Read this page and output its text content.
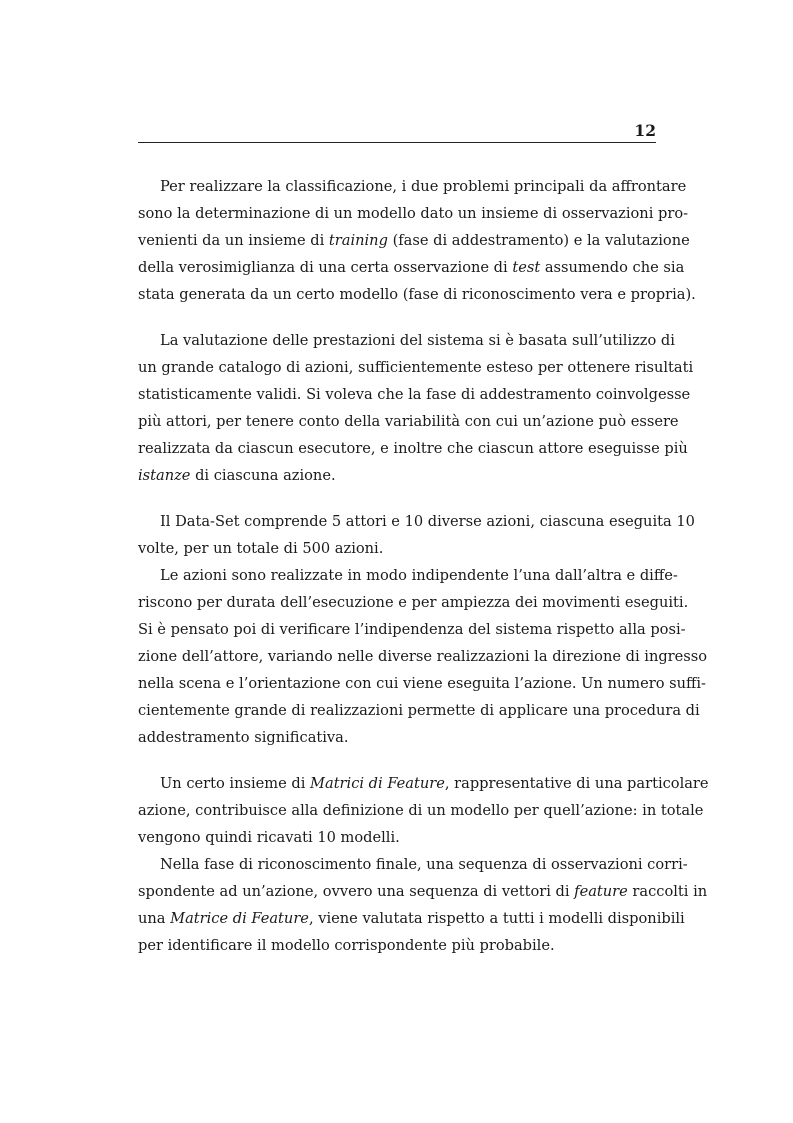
12
Per realizzare la classificazione, i due problemi principali da affrontare
sono la determinazione di un modello dato un insieme di osservazioni pro-
venienti da un insieme di training (fase di addestramento) e la valutazione
della verosimiglianza di una certa osservazione di test assumendo che sia
stata generata da un certo modello (fase di riconoscimento vera e propria).
La valutazione delle prestazioni del sistema si è basata sull’utilizzo di
un grande catalogo di azioni, sufficientemente esteso per ottenere risultati
statisticamente validi. Si voleva che la fase di addestramento coinvolgesse
più attori, per tenere conto della variabilità con cui un’azione può essere
realizzata da ciascun esecutore, e inoltre che ciascun attore eseguisse più
istanze di ciascuna azione.
Il Data-Set comprende 5 attori e 10 diverse azioni, ciascuna eseguita 10
volte, per un totale di 500 azioni.
Le azioni sono realizzate in modo indipendente l’una dall’altra e diffe-
riscono per durata dell’esecuzione e per ampiezza dei movimenti eseguiti.
Si è pensato poi di verificare l’indipendenza del sistema rispetto alla posi-
zione dell’attore, variando nelle diverse realizzazioni la direzione di ingresso
nella scena e l’orientazione con cui viene eseguita l’azione. Un numero suffi-
cientemente grande di realizzazioni permette di applicare una procedura di
addestramento significativa.
Un certo insieme di Matrici di Feature, rappresentative di una particolare
azione, contribuisce alla definizione di un modello per quell’azione: in totale
vengono quindi ricavati 10 modelli.
Nella fase di riconoscimento finale, una sequenza di osservazioni corri-
spondente ad un’azione, ovvero una sequenza di vettori di feature raccolti in
una Matrice di Feature, viene valutata rispetto a tutti i modelli disponibili
per identificare il modello corrispondente più probabile.
